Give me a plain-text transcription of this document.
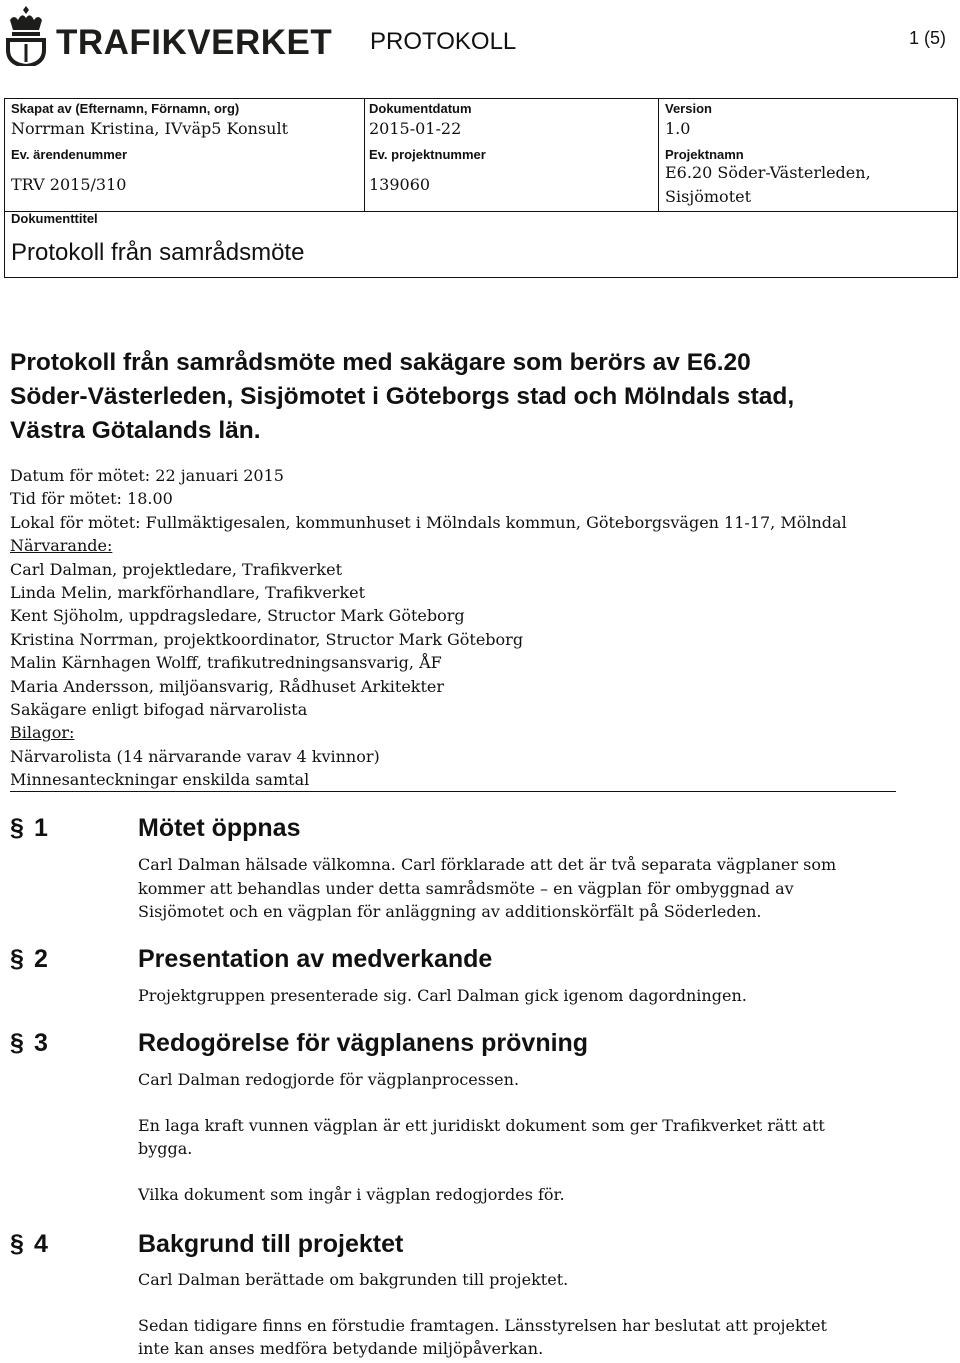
TRAFIKVERKET PROTOKOLL	1 (5)
Skapat av (Efternamn, Förnamn, org)
Norrman Kristina, IVväp5 Konsult
Dokumentdatum
2015-01-22
Version
1.0
Ev. ärendenummer
TRV 2015/310
Ev. projektnummer
139060
Projektnamn
E6.20 Söder-Västerleden,
Sisjömotet
Dokumenttitel
Protokoll från samrådsmöte
Protokoll från samrådsmöte med sakägare som berörs av E6.20
Söder-Västerleden, Sisjömotet i Göteborgs stad och Mölndals stad,
Västra Götalands län.
Datum för mötet: 22 januari 2015
Tid för mötet: 18.00
Lokal för mötet: Fullmäktigesalen, kommunhuset i Mölndals kommun, Göteborgsvägen 11-17, Mölndal
Närvarande:
Carl Dalman, projektledare, Trafikverket
Linda Melin, markförhandlare, Trafikverket
Kent Sjöholm, uppdragsledare, Structor Mark Göteborg
Kristina Norrman, projektkoordinator, Structor Mark Göteborg
Malin Kärnhagen Wolff, trafikutredningsansvarig, ÅF
Maria Andersson, miljöansvarig, Rådhuset Arkitekter
Sakägare enligt bifogad närvarolista
Bilagor:
Närvarolista (14 närvarande varav 4 kvinnor)
Minnesanteckningar enskilda samtal
§ 1	Mötet öppnas
Carl Dalman hälsade välkomna. Carl förklarade att det är två separata vägplaner som
kommer att behandlas under detta samrådsmöte – en vägplan för ombyggnad av
Sisjömotet och en vägplan för anläggning av additionskörfält på Söderleden.
§ 2	Presentation av medverkande
Projektgruppen presenterade sig. Carl Dalman gick igenom dagordningen.
§ 3	Redogörelse för vägplanens prövning
Carl Dalman redogjorde för vägplanprocessen.
En laga kraft vunnen vägplan är ett juridiskt dokument som ger Trafikverket rätt att
bygga.
Vilka dokument som ingår i vägplan redogjordes för.
§ 4	Bakgrund till projektet
Carl Dalman berättade om bakgrunden till projektet.
Sedan tidigare finns en förstudie framtagen. Länsstyrelsen har beslutat att projektet
inte kan anses medföra betydande miljöpåverkan.
